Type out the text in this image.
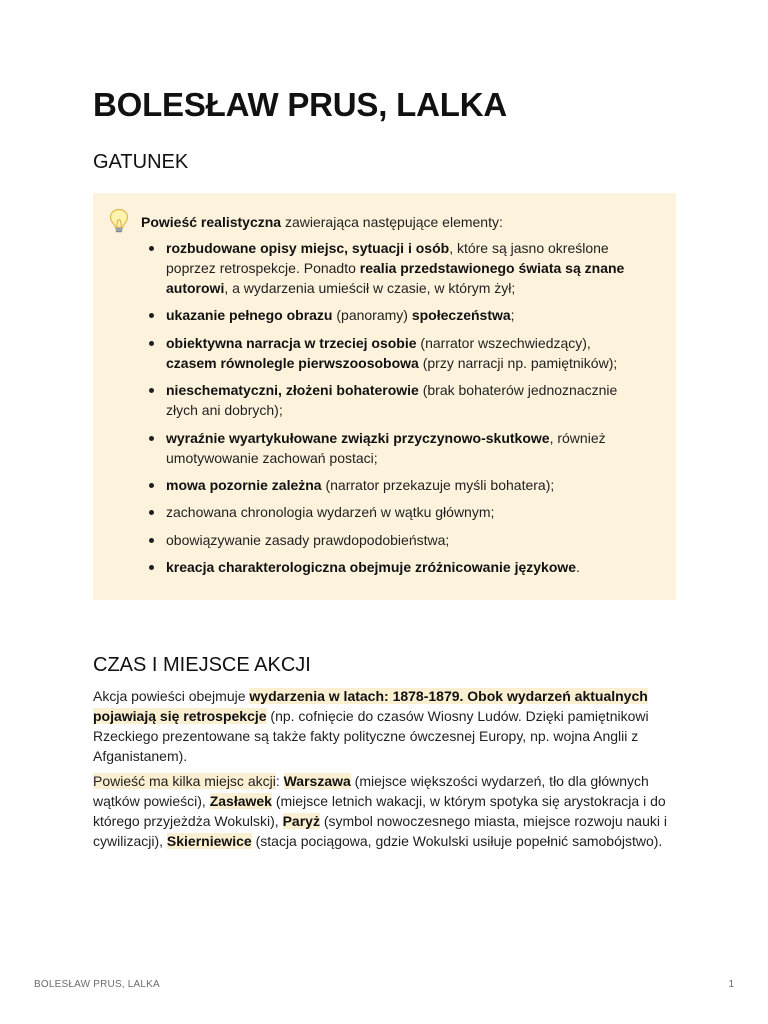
BOLESŁAW PRUS, LALKA
GATUNEK
Powieść realistyczna zawierająca następujące elementy:
rozbudowane opisy miejsc, sytuacji i osób, które są jasno określone poprzez retrospekcje. Ponadto realia przedstawionego świata są znane autorowi, a wydarzenia umieścił w czasie, w którym żył;
ukazanie pełnego obrazu (panoramy) społeczeństwa;
obiektywna narracja w trzeciej osobie (narrator wszechwiedzący), czasem równolegle pierwszoosobowa (przy narracji np. pamiętników);
nieschematyczni, złożeni bohaterowie (brak bohaterów jednoznacznie złych ani dobrych);
wyraźnie wyartykułowane związki przyczynowo-skutkowe, również umotywowanie zachowań postaci;
mowa pozornie zależna (narrator przekazuje myśli bohatera);
zachowana chronologia wydarzeń w wątku głównym;
obowiązywanie zasady prawdopodobieństwa;
kreacja charakterologiczna obejmuje zróżnicowanie językowe.
CZAS I MIEJSCE AKCJI

Akcja powieści obejmuje wydarzenia w latach: 1878-1879. Obok wydarzeń aktualnych pojawiają się retrospekcje (np. cofnięcie do czasów Wiosny Ludów. Dzięki pamiętnikowi Rzeckiego prezentowane są także fakty polityczne ówczesnej Europy, np. wojna Anglii z Afganistanem).

Powieść ma kilka miejsc akcji: Warszawa (miejsce większości wydarzeń, tło dla głównych wątków powieści), Zasławek (miejsce letnich wakacji, w którym spotyka się arystokracja i do którego przyjeżdża Wokulski), Paryż (symbol nowoczesnego miasta, miejsce rozwoju nauki i cywilizacji), Skierniewice (stacja pociągowa, gdzie Wokulski usiłuje popełnić samobójstwo).

BOLESŁAW PRUS, LALKA	1
